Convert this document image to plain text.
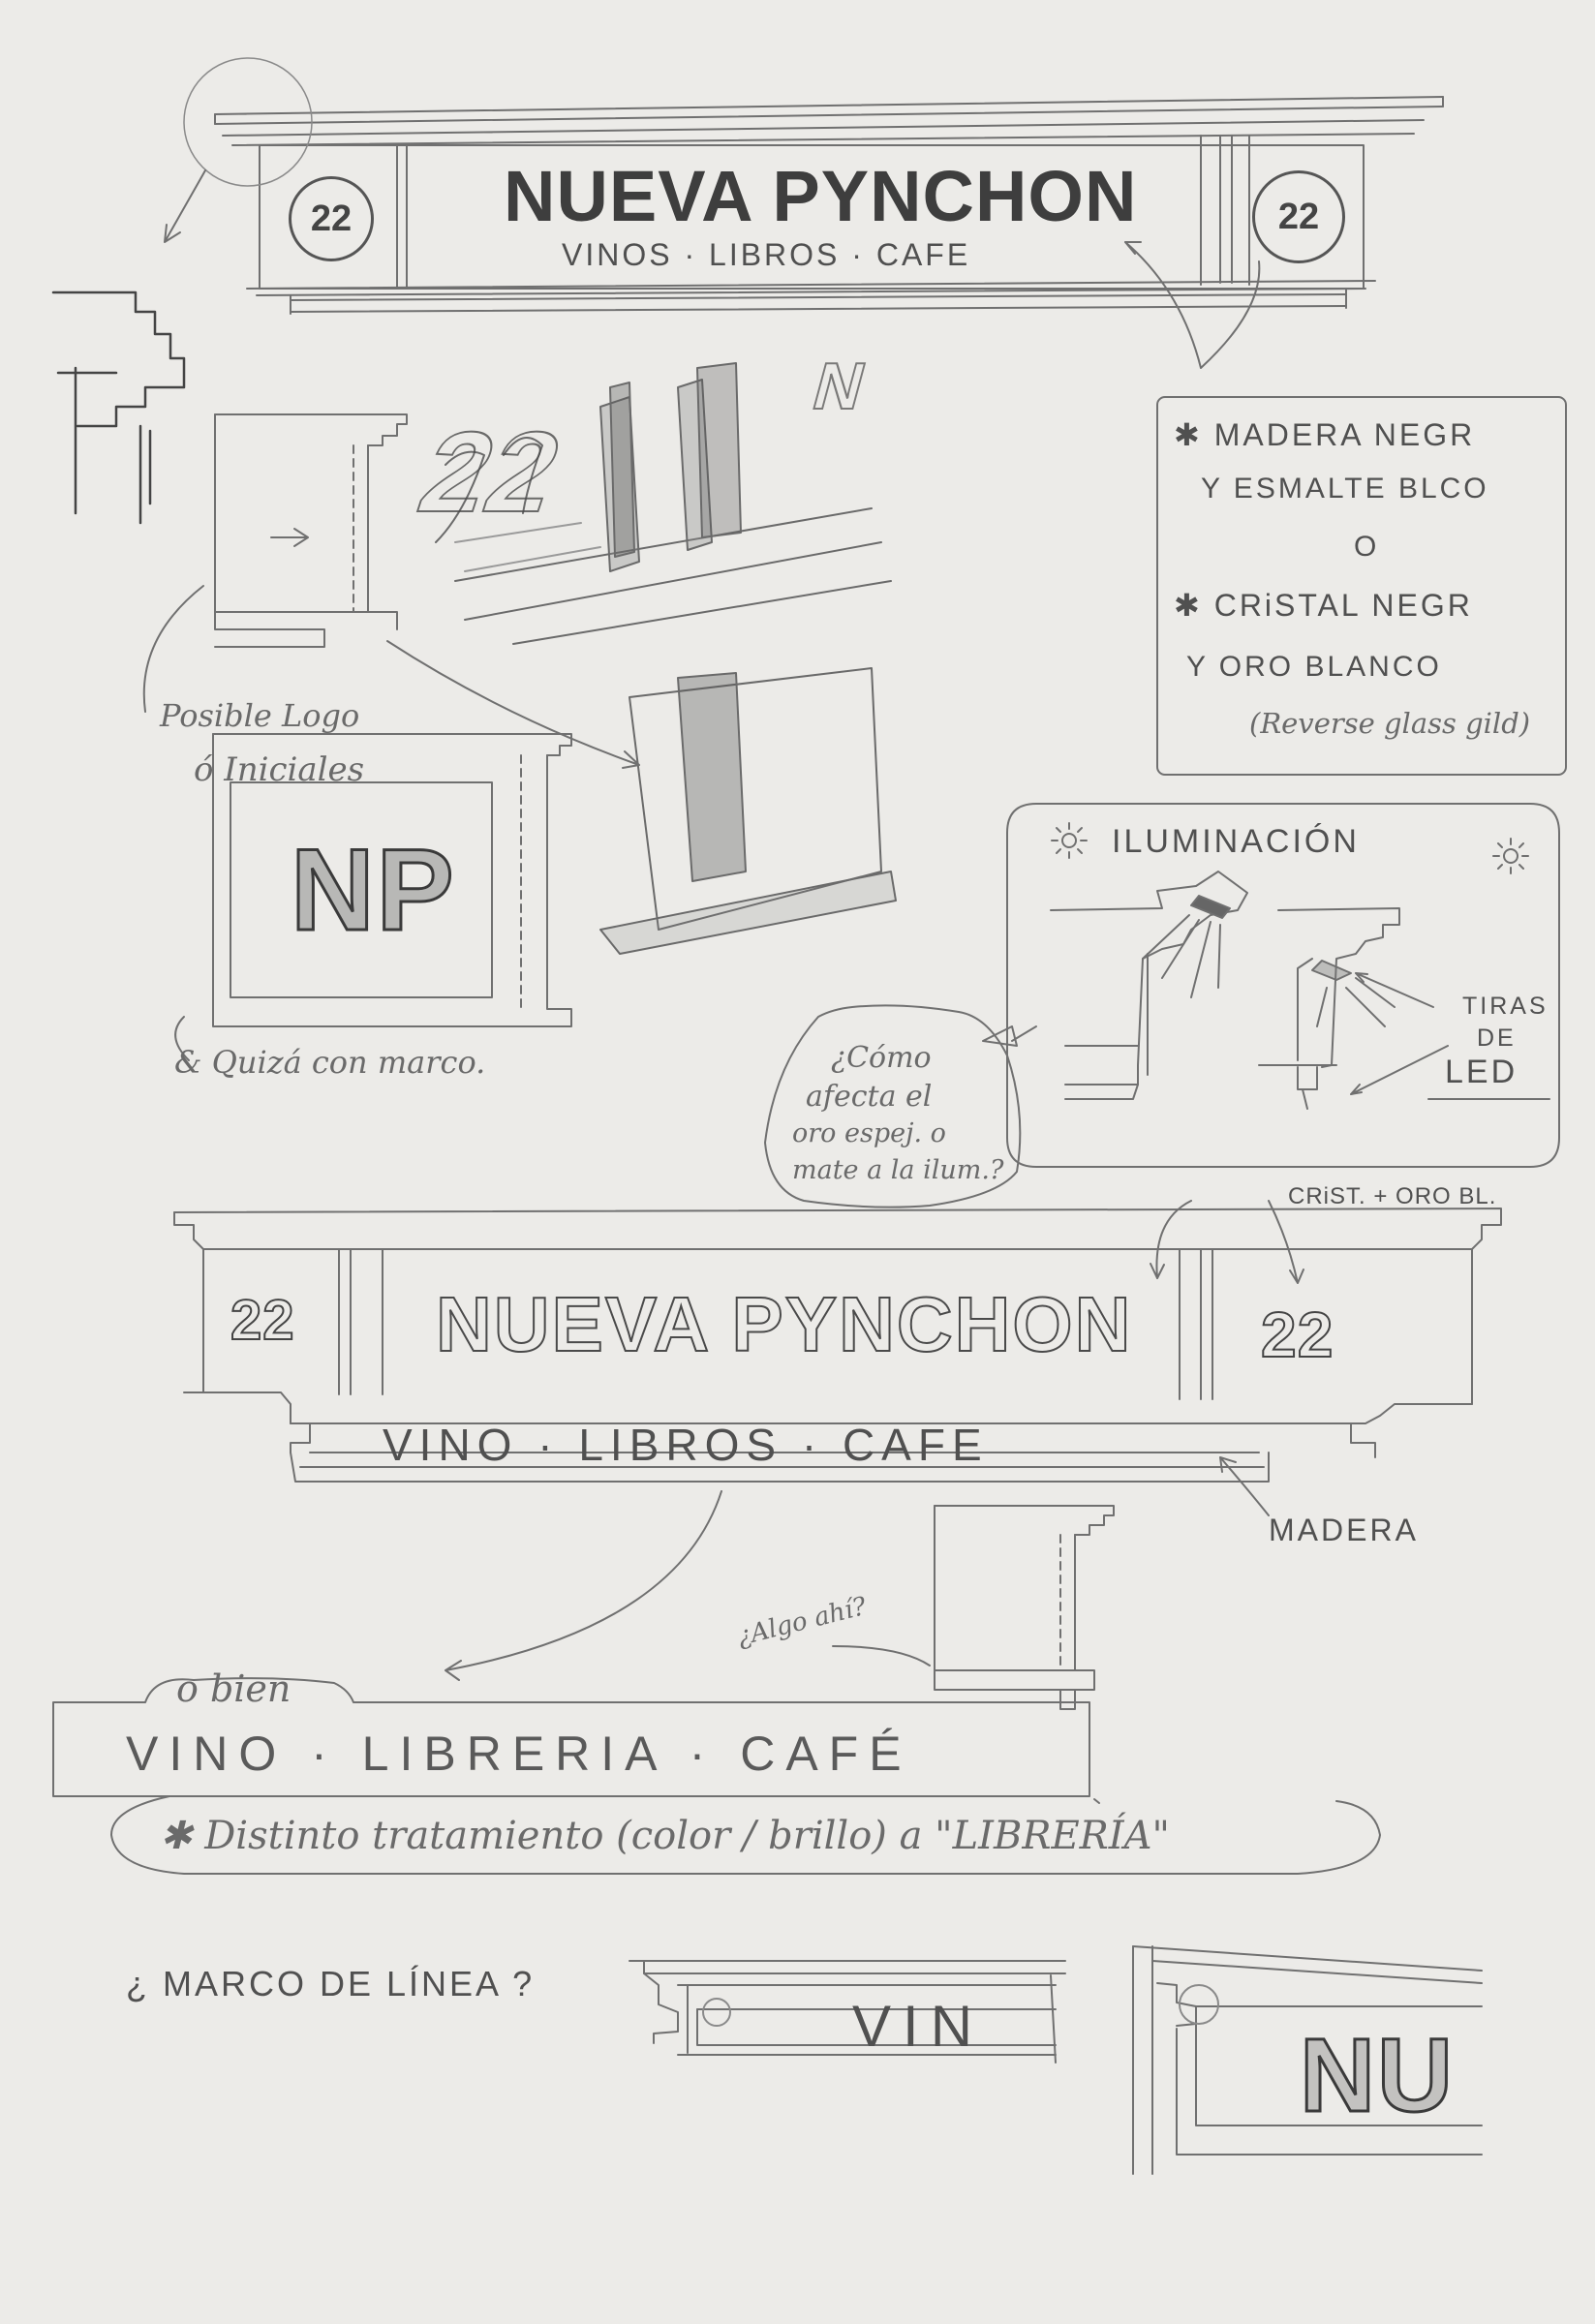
22	22
NUEVA PYNCHON
VINOS · LIBROS · CAFE
22
N
✱ MADERA NEGR
Y ESMALTE BLCO
O
✱ CRiSTAL NEGR
Y ORO BLANCO
(Reverse glass gild)
Posible Logo
ó Iniciales
NP
& Quizá con marco.
ILUMINACIÓN
TIRAS
DE
LED
¿Cómo
afecta el
oro espej. o
mate a la ilum.?
CRiST. + ORO BL.
22	22
NUEVA PYNCHON
VINO · LIBROS · CAFE
MADERA
¿Algo ahí?
o bien
VINO · LIBRERIA · CAFÉ
✱ Distinto tratamiento (color / brillo) a "LIBRERÍA"
¿ MARCO DE LÍNEA ?
VIN	NU
